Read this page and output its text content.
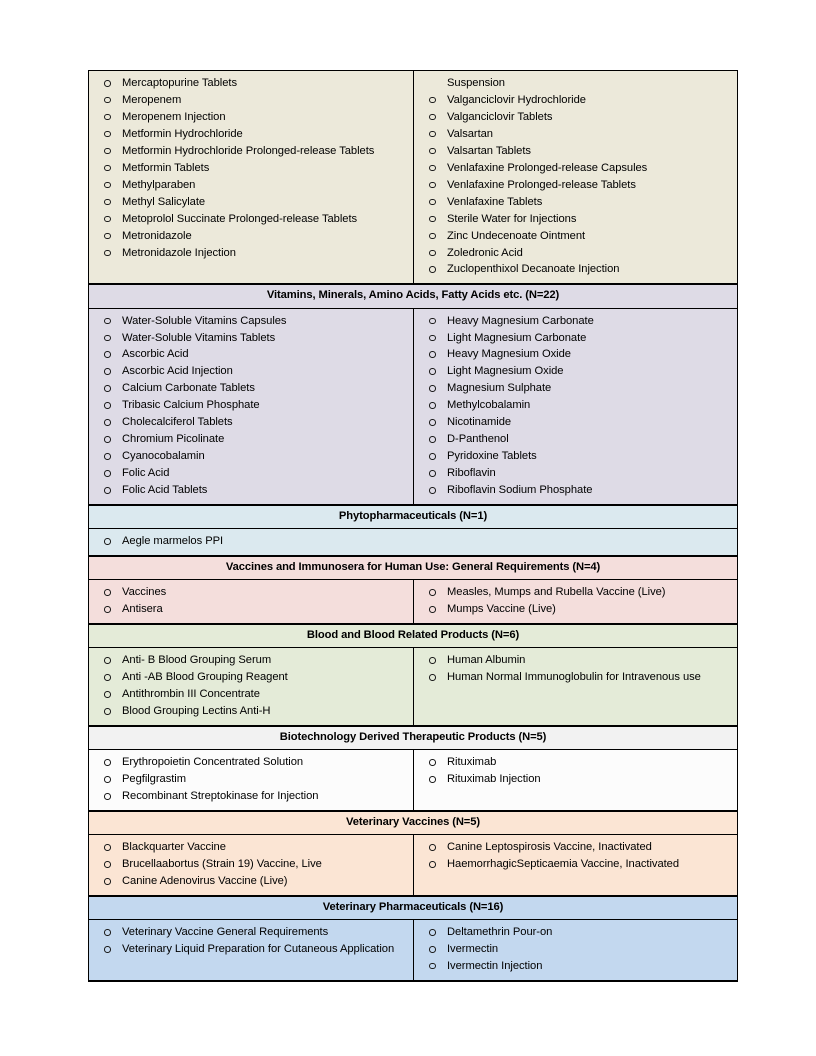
Mercaptopurine Tablets
Meropenem
Meropenem Injection
Metformin Hydrochloride
Metformin Hydrochloride Prolonged-release Tablets
Metformin Tablets
Methylparaben
Methyl Salicylate
Metoprolol Succinate Prolonged-release Tablets
Metronidazole
Metronidazole Injection
Suspension
Valganciclovir Hydrochloride
Valganciclovir Tablets
Valsartan
Valsartan Tablets
Venlafaxine Prolonged-release Capsules
Venlafaxine Prolonged-release Tablets
Venlafaxine Tablets
Sterile Water for Injections
Zinc Undecenoate Ointment
Zoledronic Acid
Zuclopenthixol Decanoate Injection
Vitamins, Minerals, Amino Acids, Fatty Acids etc. (N=22)
Water-Soluble Vitamins Capsules
Water-Soluble Vitamins Tablets
Ascorbic Acid
Ascorbic Acid Injection
Calcium Carbonate Tablets
Tribasic Calcium Phosphate
Cholecalciferol Tablets
Chromium Picolinate
Cyanocobalamin
Folic Acid
Folic Acid Tablets
Heavy Magnesium Carbonate
Light Magnesium Carbonate
Heavy Magnesium Oxide
Light Magnesium Oxide
Magnesium Sulphate
Methylcobalamin
Nicotinamide
D-Panthenol
Pyridoxine Tablets
Riboflavin
Riboflavin Sodium Phosphate
Phytopharmaceuticals (N=1)
Aegle marmelos PPI
Vaccines and Immunosera for Human Use: General Requirements (N=4)
Vaccines
Antisera
Measles, Mumps and Rubella Vaccine (Live)
Mumps Vaccine (Live)
Blood and Blood Related Products (N=6)
Anti- B Blood Grouping Serum
Anti -AB Blood Grouping Reagent
Antithrombin III Concentrate
Blood Grouping Lectins Anti-H
Human Albumin
Human Normal Immunoglobulin for Intravenous use
Biotechnology Derived Therapeutic Products (N=5)
Erythropoietin Concentrated Solution
Pegfilgrastim
Recombinant Streptokinase for Injection
Rituximab
Rituximab Injection
Veterinary Vaccines (N=5)
Blackquarter Vaccine
Brucellaabortus (Strain 19) Vaccine, Live
Canine Adenovirus Vaccine (Live)
Canine Leptospirosis Vaccine, Inactivated
HaemorrhagicSepticaemia Vaccine, Inactivated
Veterinary Pharmaceuticals (N=16)
Veterinary Vaccine General Requirements
Veterinary Liquid Preparation for Cutaneous Application
Deltamethrin Pour-on
Ivermectin
Ivermectin Injection
